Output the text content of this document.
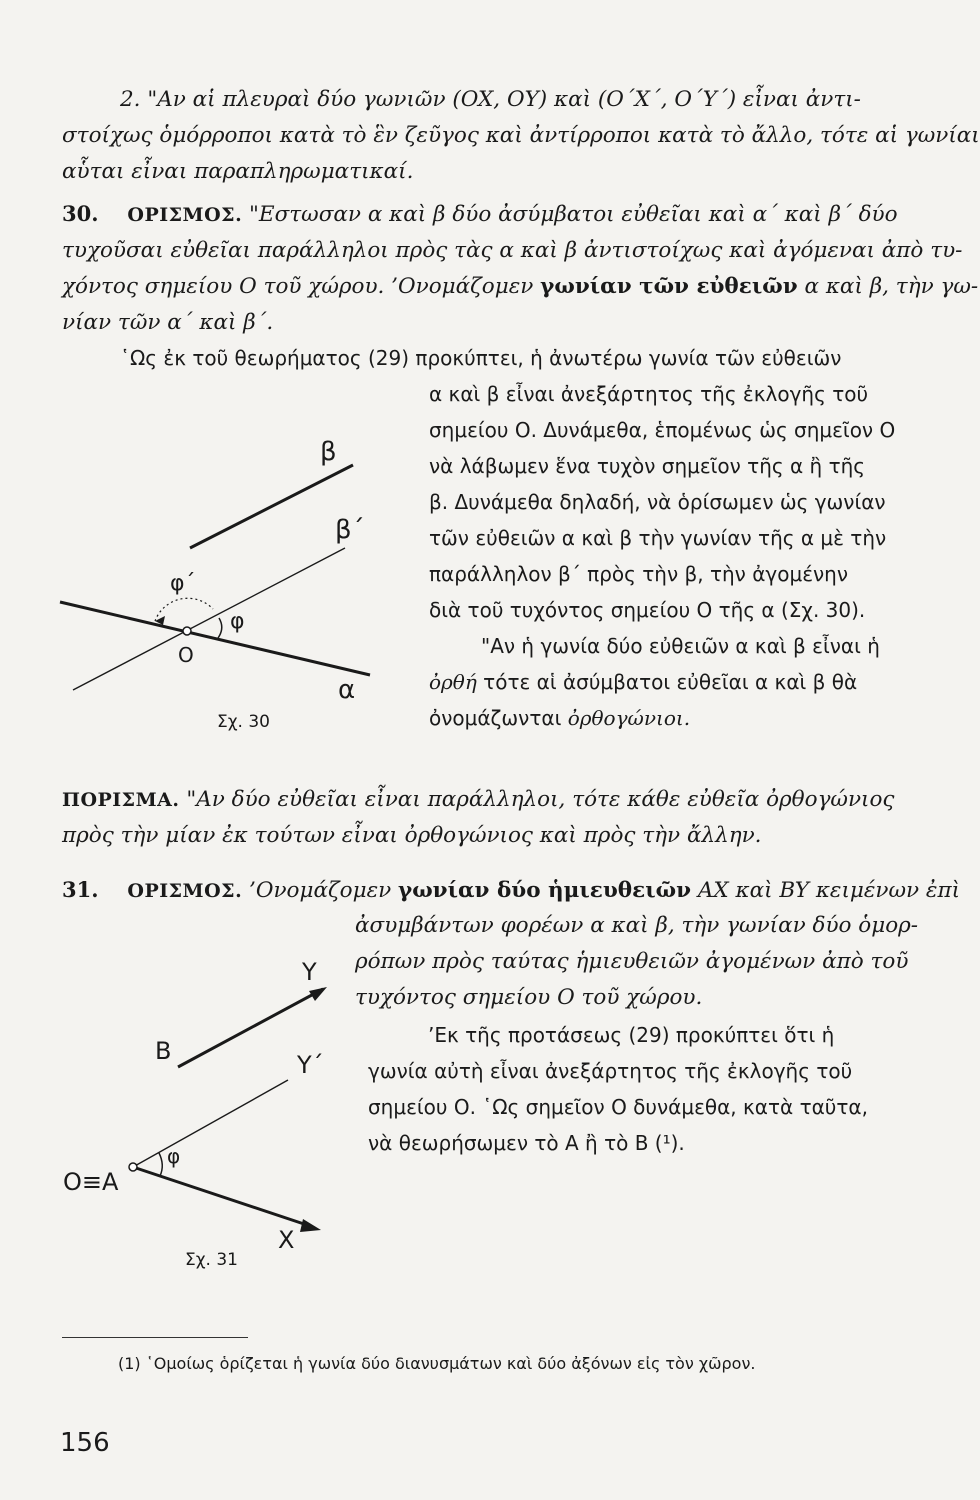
2. "Αν αἱ πλευραὶ δύο γωνιῶν (OX, OY) καὶ (O΄X΄, O΄Y΄) εἶναι ἀντι-
στοίχως ὁμόρροποι κατὰ τὸ ἓν ζεῦγος καὶ ἀντίρροποι κατὰ τὸ ἄλλο, τότε αἱ γωνίαι
αὗται εἶναι παραπληρωματικαί.
30. ΟΡΙΣΜΟΣ. "Εστωσαν α καὶ β δύο ἀσύμβατοι εὐθεῖαι καὶ α΄ καὶ β΄ δύο
τυχοῦσαι εὐθεῖαι παράλληλοι πρὸς τὰς α καὶ β ἀντιστοίχως καὶ ἀγόμεναι ἀπὸ τυ-
χόντος σημείου Ο τοῦ χώρου. ’Ονομάζομεν γωνίαν τῶν εὐθειῶν α καὶ β, τὴν γω-
νίαν τῶν α΄ καὶ β΄.
῾Ως ἐκ τοῦ θεωρήματος (29) προκύπτει, ἡ ἀνωτέρω γωνία τῶν εὐθειῶν
α καὶ β εἶναι ἀνεξάρτητος τῆς ἐκλογῆς τοῦ
σημείου Ο. Δυνάμεθα, ἑπομένως ὡς σημεῖον Ο
νὰ λάβωμεν ἕνα τυχὸν σημεῖον τῆς α ἢ τῆς
β. Δυνάμεθα δηλαδή, νὰ ὁρίσωμεν ὡς γωνίαν
τῶν εὐθειῶν α καὶ β τὴν γωνίαν τῆς α μὲ τὴν
παράλληλον β΄ πρὸς τὴν β, τὴν ἀγομένην
διὰ τοῦ τυχόντος σημείου Ο τῆς α (Σχ. 30).
"Αν ἡ γωνία δύο εὐθειῶν α καὶ β εἶναι ἡ
ὀρθή τότε αἱ ἀσύμβατοι εὐθεῖαι α καὶ β θὰ
ὀνομάζωνται ὀρθογώνιοι.
β
β΄
φ΄
φ
O
α
Σχ. 30
ΠΟΡΙΣΜΑ. "Αν δύο εὐθεῖαι εἶναι παράλληλοι, τότε κάθε εὐθεῖα ὀρθογώνιος
πρὸς τὴν μίαν ἐκ τούτων εἶναι ὀρθογώνιος καὶ πρὸς τὴν ἄλλην.
31. ΟΡΙΣΜΟΣ. ’Ονομάζομεν γωνίαν δύο ἡμιευθειῶν AX καὶ BY κειμένων ἐπὶ
ἀσυμβάντων φορέων α καὶ β, τὴν γωνίαν δύο ὁμορ-
ρόπων πρὸς ταύτας ἡμιευθειῶν ἀγομένων ἀπὸ τοῦ
τυχόντος σημείου Ο τοῦ χώρου.
’Εκ τῆς προτάσεως (29) προκύπτει ὅτι ἡ
γωνία αὐτὴ εἶναι ἀνεξάρτητος τῆς ἐκλογῆς τοῦ
σημείου Ο. ῾Ως σημεῖον Ο δυνάμεθα, κατὰ ταῦτα,
νὰ θεωρήσωμεν τὸ Α ἢ τὸ Β (¹).
Y
B	Y΄
φ
O≡A
X
Σχ. 31
(1) ῾Ομοίως ὁρίζεται ἡ γωνία δύο διανυσμάτων καὶ δύο ἀξόνων εἰς τὸν χῶρον.
156
